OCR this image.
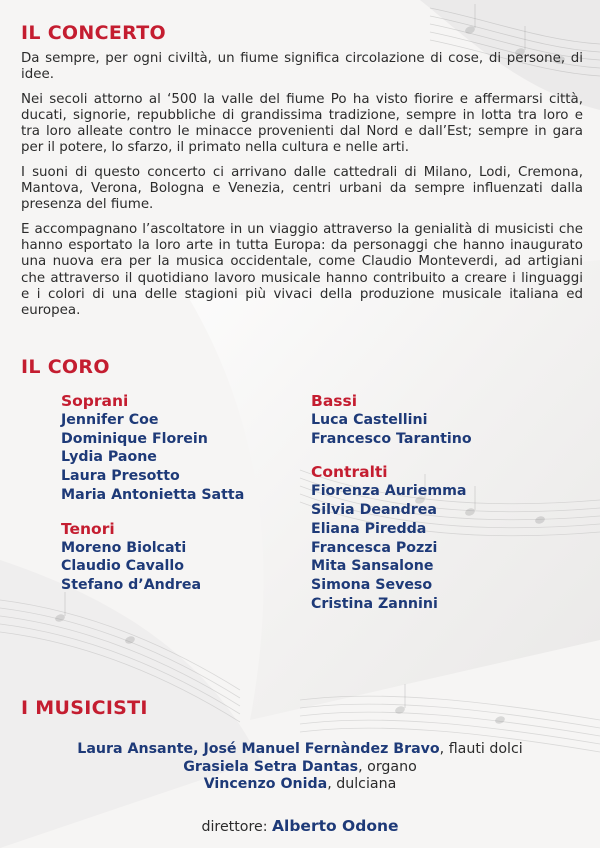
IL CONCERTO

Da sempre, per ogni civiltà, un fiume significa circolazione di cose, di persone, di idee.

Nei secoli attorno al ‘500 la valle del fiume Po ha visto fiorire e affermarsi città, ducati, signorie, repubbliche di grandissima tradizione, sempre in lotta tra loro e tra loro alleate contro le minacce provenienti dal Nord e dall’Est; sempre in gara per il potere, lo sfarzo, il primato nella cultura e nelle arti.

I suoni di questo concerto ci arrivano dalle cattedrali di Milano, Lodi, Cremona, Mantova, Verona, Bologna e Venezia, centri urbani da sempre influenzati dalla presenza del fiume.

E accompagnano l’ascoltatore in un viaggio attraverso la genialità di musicisti che hanno esportato la loro arte in tutta Europa: da personaggi che hanno inaugurato una nuova era per la musica occidentale, come Claudio Monteverdi, ad artigiani che attraverso il quotidiano lavoro musicale hanno contribuito a creare i linguaggi e i colori di una delle stagioni più vivaci della produzione musicale italiana ed europea.

IL CORO
Soprani
Jennifer Coe
Dominique Florein
Lydia Paone
Laura Presotto
Maria Antonietta Satta
Tenori
Moreno Biolcati
Claudio Cavallo
Stefano d’Andrea
Bassi
Luca Castellini
Francesco Tarantino
Contralti
Fiorenza Auriemma
Silvia Deandrea
Eliana Piredda
Francesca Pozzi
Mita Sansalone
Simona Seveso
Cristina Zannini
I MUSICISTI
Laura Ansante, José Manuel Fernàndez Bravo, flauti dolci
Grasiela Setra Dantas, organo
Vincenzo Onida, dulciana
direttore: Alberto Odone
